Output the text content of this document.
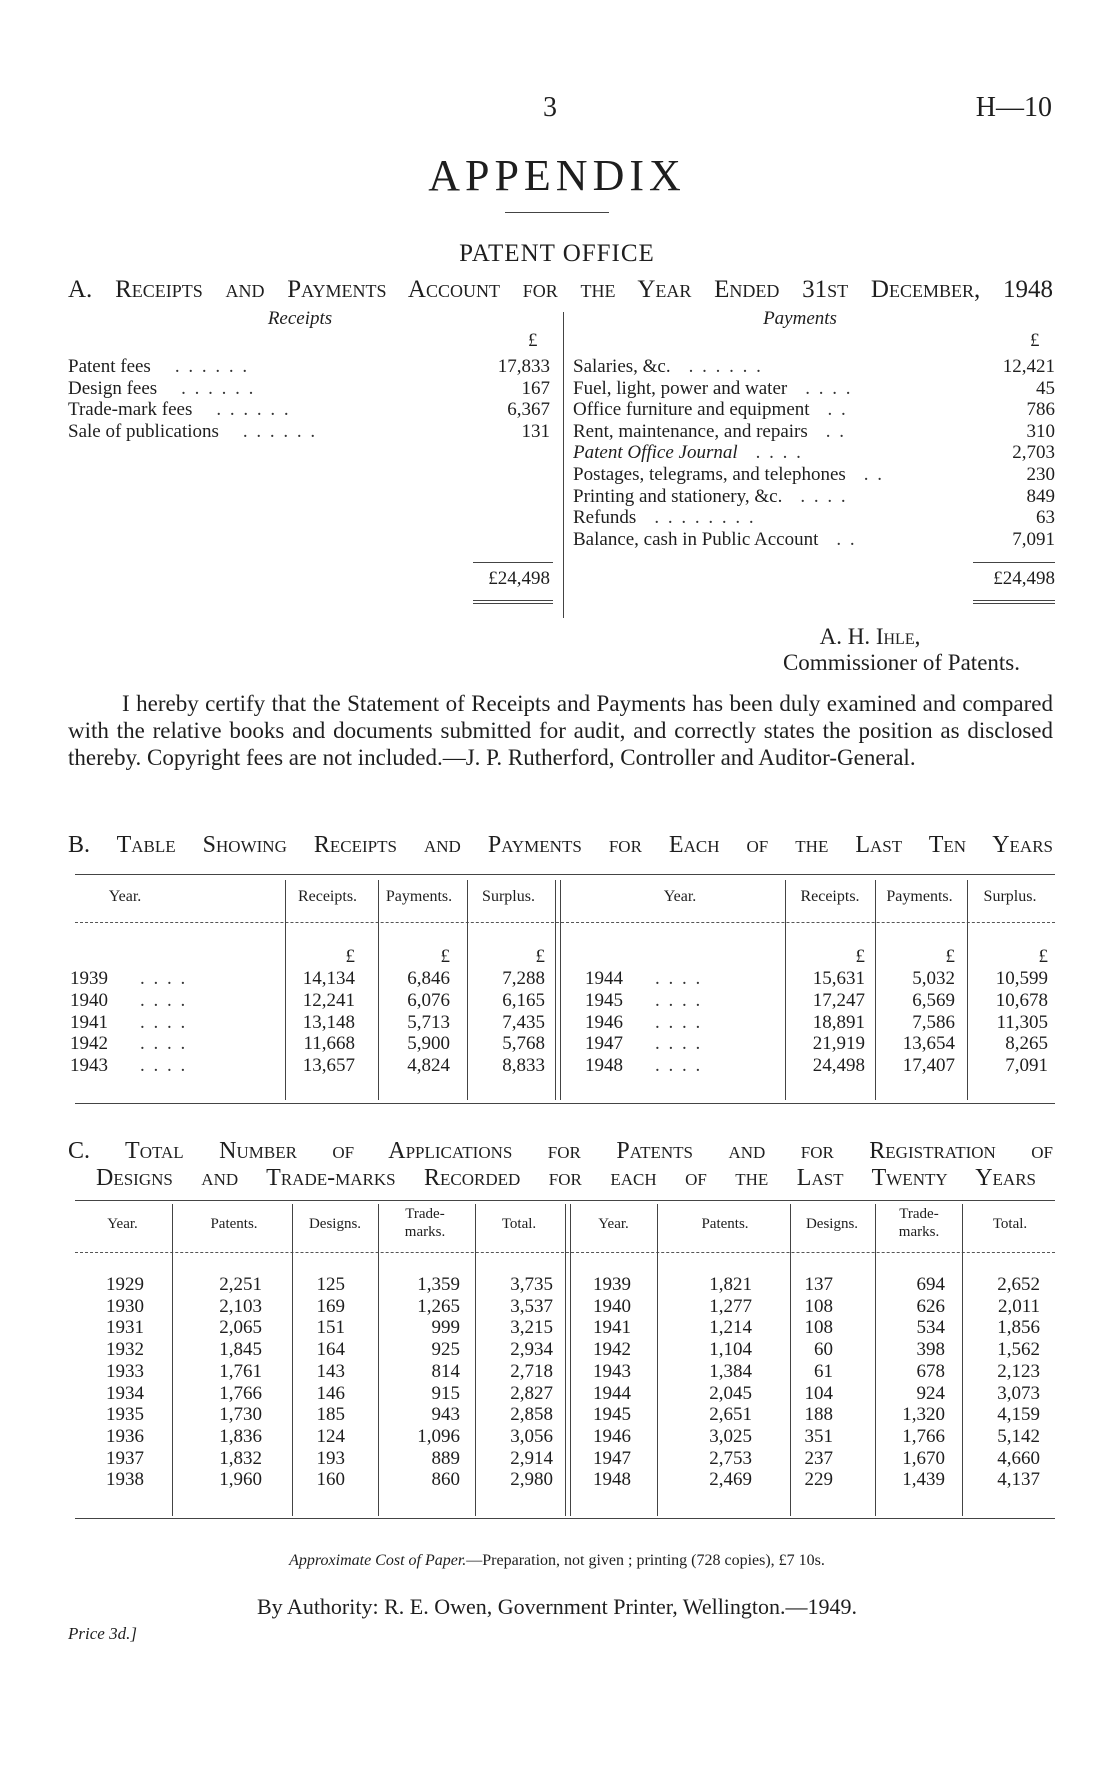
3	H—10
APPENDIX
PATENT OFFICE
A. Receipts and Payments Account for the Year Ended 31st December, 1948
Receipts	Payments
£	£
Patent fees . . . . . .	17,833
Design fees . . . . . .	167
Trade-mark fees . . . . . .	6,367
Sale of publications . . . . . .	131
Salaries, &c. . . . . . .	12,421
Fuel, light, power and water . . . .	45
Office furniture and equipment . .	786
Rent, maintenance, and repairs . .	310
Patent Office Journal . . . .	2,703
Postages, telegrams, and telephones . .	230
Printing and stationery, &c. . . . .	849
Refunds . . . . . . . .	63
Balance, cash in Public Account . .	7,091
£24,498	£24,498
A. H. Ihle,
Commissioner of Patents.
I hereby certify that the Statement of Receipts and Payments has been duly examined and compared with the relative books and documents submitted for audit, and correctly states the position as disclosed thereby. Copyright fees are not included.—J. P. Rutherford, Controller and Auditor-General.
B. Table Showing Receipts and Payments for Each of the Last Ten Years
Year.	Receipts.	Payments.	Surplus.
£	£	£
1939 . . . .	14,134	6,846	7,288
1940 . . . .	12,241	6,076	6,165
1941 . . . .	13,148	5,713	7,435
1942 . . . .	11,668	5,900	5,768
1943 . . . .	13,657	4,824	8,833
Year.	Receipts.	Payments.	Surplus.
£	£	£
1944 . . . .	15,631	5,032	10,599
1945 . . . .	17,247	6,569	10,678
1946 . . . .	18,891	7,586	11,305
1947 . . . .	21,919	13,654	8,265
1948 . . . .	24,498	17,407	7,091
C. Total Number of Applications for Patents and for Registration of
Designs and Trade-marks Recorded for each of the Last Twenty Years
Year.	Patents.	Designs.
Trade-
marks.	Total.
1929	2,251	125	1,359	3,735
1930	2,103	169	1,265	3,537
1931	2,065	151	999	3,215
1932	1,845	164	925	2,934
1933	1,761	143	814	2,718
1934	1,766	146	915	2,827
1935	1,730	185	943	2,858
1936	1,836	124	1,096	3,056
1937	1,832	193	889	2,914
1938	1,960	160	860	2,980
Year.	Patents.	Designs.
Trade-
marks.	Total.
1939	1,821	137	694	2,652
1940	1,277	108	626	2,011
1941	1,214	108	534	1,856
1942	1,104	60	398	1,562
1943	1,384	61	678	2,123
1944	2,045	104	924	3,073
1945	2,651	188	1,320	4,159
1946	3,025	351	1,766	5,142
1947	2,753	237	1,670	4,660
1948	2,469	229	1,439	4,137
Approximate Cost of Paper.—Preparation, not given ; printing (728 copies), £7 10s.
By Authority: R. E. Owen, Government Printer, Wellington.—1949.
Price 3d.]
